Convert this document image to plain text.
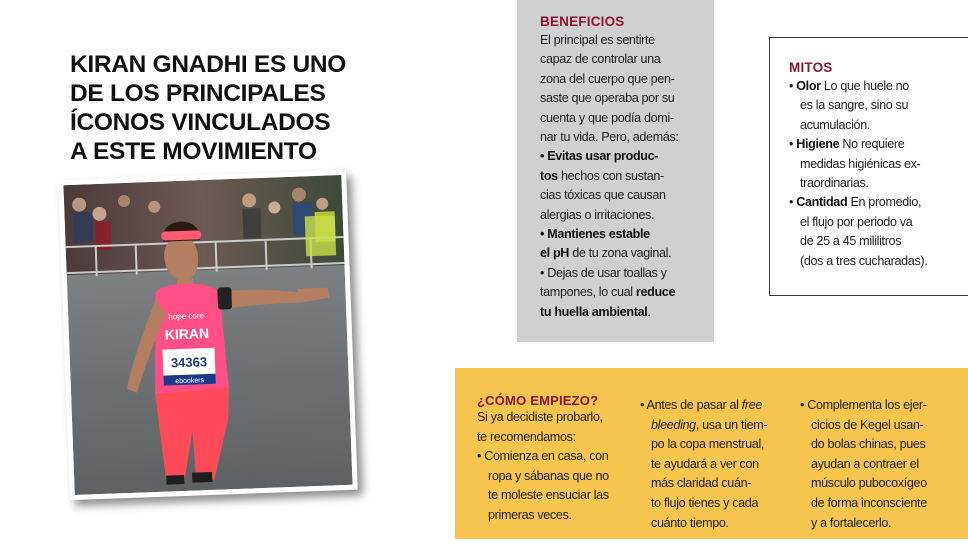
KIRAN GNADHI ES UNO
DE LOS PRINCIPALES
ÍCONOS VINCULADOS
A ESTE MOVIMIENTO
34363
ebookers
KIRAN
hope core
BENEFICIOS
El principal es sentirte
capaz de controlar una
zona del cuerpo que pen-
saste que operaba por su
cuenta y que podía domi-
nar tu vida. Pero, además:
• Evitas usar produc-
tos hechos con sustan-
cias tóxicas que causan
alergias o irritaciones.
• Mantienes estable
el pH de tu zona vaginal.
• Dejas de usar toallas y
tampones, lo cual reduce
tu huella ambiental.
MITOS
• Olor Lo que huele no
es la sangre, sino su
acumulación.
• Higiene No requiere
medidas higiénicas ex-
traordinarias.
• Cantidad En promedio,
el flujo por periodo va
de 25 a 45 mililitros
(dos a tres cucharadas).
¿CÓMO EMPIEZO?
Si ya decidiste probarlo,
te recomendamos:
• Comienza en casa, con
ropa y sábanas que no
te moleste ensuciar las
primeras veces.
• Antes de pasar al free
bleeding, usa un tiem-
po la copa menstrual,
te ayudará a ver con
más claridad cuán-
to flujo tienes y cada
cuánto tiempo.
• Complementa los ejer-
cicios de Kegel usan-
do bolas chinas, pues
ayudan a contraer el
músculo pubocoxígeo
de forma inconsciente
y a fortalecerlo.
